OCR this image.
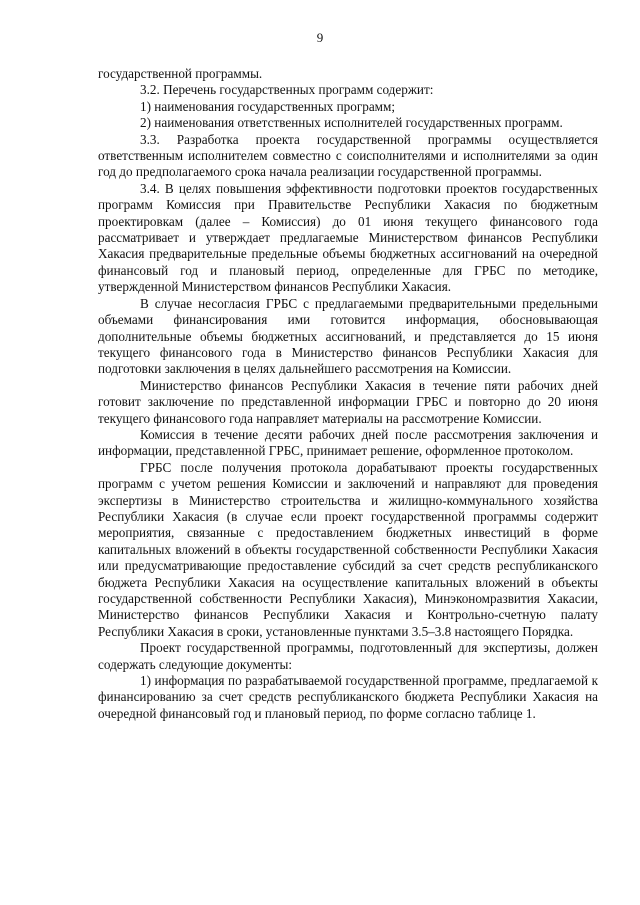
9

государственной программы.

3.2. Перечень государственных программ содержит:

1) наименования государственных программ;

2) наименования ответственных исполнителей государственных программ.

3.3. Разработка проекта государственной программы осуществляется ответственным исполнителем совместно с соисполнителями и исполнителями за один год до предполагаемого срока начала реализации государственной программы.

3.4. В целях повышения эффективности подготовки проектов государственных программ Комиссия при Правительстве Республики Хакасия по бюджетным проектировкам (далее – Комиссия) до 01 июня текущего финансового года рассматривает и утверждает предлагаемые Министерством финансов Республики Хакасия предварительные предельные объемы бюджетных ассигнований на очередной финансовый год и плановый период, определенные для ГРБС по методике, утвержденной Министерством финансов Республики Хакасия.

В случае несогласия ГРБС с предлагаемыми предварительными предельными объемами финансирования ими готовится информация, обосновывающая дополнительные объемы бюджетных ассигнований, и представляется до 15 июня текущего финансового года в Министерство финансов Республики Хакасия для подготовки заключения в целях дальнейшего рассмотрения на Комиссии.

Министерство финансов Республики Хакасия в течение пяти рабочих дней готовит заключение по представленной информации ГРБС и повторно до 20 июня текущего финансового года направляет материалы на рассмотрение Комиссии.

Комиссия в течение десяти рабочих дней после рассмотрения заключения и информации, представленной ГРБС, принимает решение, оформленное протоколом.

ГРБС после получения протокола дорабатывают проекты государственных программ с учетом решения Комиссии и заключений и направляют для проведения экспертизы в Министерство строительства и жилищно-коммунального хозяйства Республики Хакасия (в случае если проект государственной программы содержит мероприятия, связанные с предоставлением бюджетных инвестиций в форме капитальных вложений в объекты государственной собственности Республики Хакасия или предусматривающие предоставление субсидий за счет средств республиканского бюджета Республики Хакасия на осуществление капитальных вложений в объекты государственной собственности Республики Хакасия), Минэкономразвития Хакасии, Министерство финансов Республики Хакасия и Контрольно-счетную палату Республики Хакасия в сроки, установленные пунктами 3.5–3.8 настоящего Порядка.

Проект государственной программы, подготовленный для экспертизы, должен содержать следующие документы:

1) информация по разрабатываемой государственной программе, предлагаемой к финансированию за счет средств республиканского бюджета Республики Хакасия на очередной финансовый год и плановый период, по форме согласно таблице 1.
